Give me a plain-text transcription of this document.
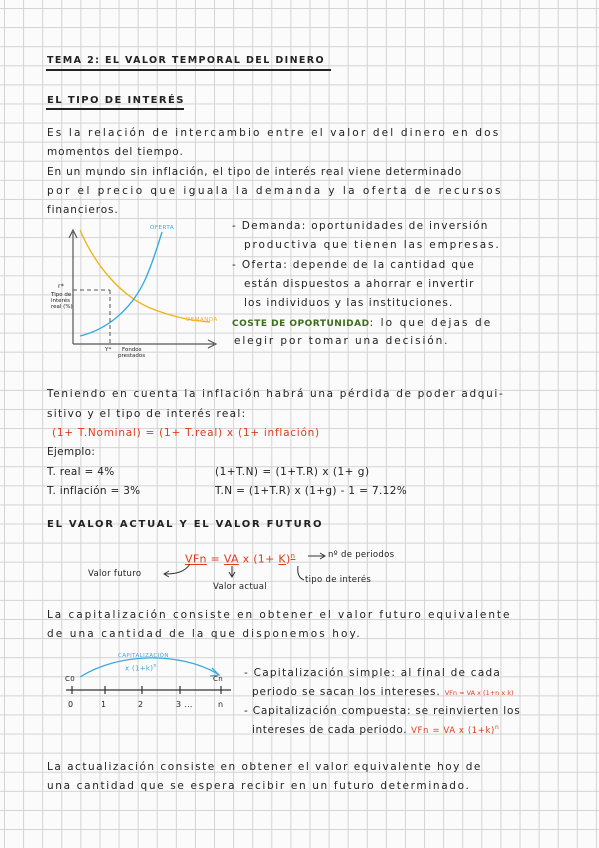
TEMA 2: EL VALOR TEMPORAL DEL DINERO
EL TIPO DE INTERÉS
Es la relación de intercambio entre el valor del dinero en dos
momentos del tiempo.
En un mundo sin inflación, el tipo de interés real viene determinado
por el precio que iguala la demanda y la oferta de recursos
financieros.
OFERTA
DEMANDA
r*
Tipo de
interés
real (%)
Y* Fondos
prestados
- Demanda: oportunidades de inversión
productiva que tienen las empresas.
- Oferta: depende de la cantidad que
están dispuestos a ahorrar e invertir
los individuos y las instituciones.
COSTE DE OPORTUNIDAD: lo que dejas de
elegir por tomar una decisión.
Teniendo en cuenta la inflación habrá una pérdida de poder adqui-
sitivo y el tipo de interés real:
(1+ T.Nominal) = (1+ T.real) x (1+ inflación)
Ejemplo:
T. real = 4%
T. inflación = 3%
(1+T.N) = (1+T.R) x (1+ g)
T.N = (1+T.R) x (1+g) - 1 = 7.12%
EL VALOR ACTUAL Y EL VALOR FUTURO
VFn = VA x $(1+ K)^n$	nº de periodos
Valor futuro
Valor actual
tipo de interés
La capitalización consiste en obtener el valor futuro equivalente
de una cantidad de la que disponemos hoy.
CAPITALIZACIÓN
x $(1+k)^n$
C0	Cn
0	1	2	3 ...	n
- Capitalización simple: al final de cada
periodo se sacan los intereses. VFn = VA x (1+n x k)
- Capitalización compuesta: se reinvierten los
intereses de cada periodo. VFn = VA x $(1+k)^n$
La actualización consiste en obtener el valor equivalente hoy de
una cantidad que se espera recibir en un futuro determinado.
